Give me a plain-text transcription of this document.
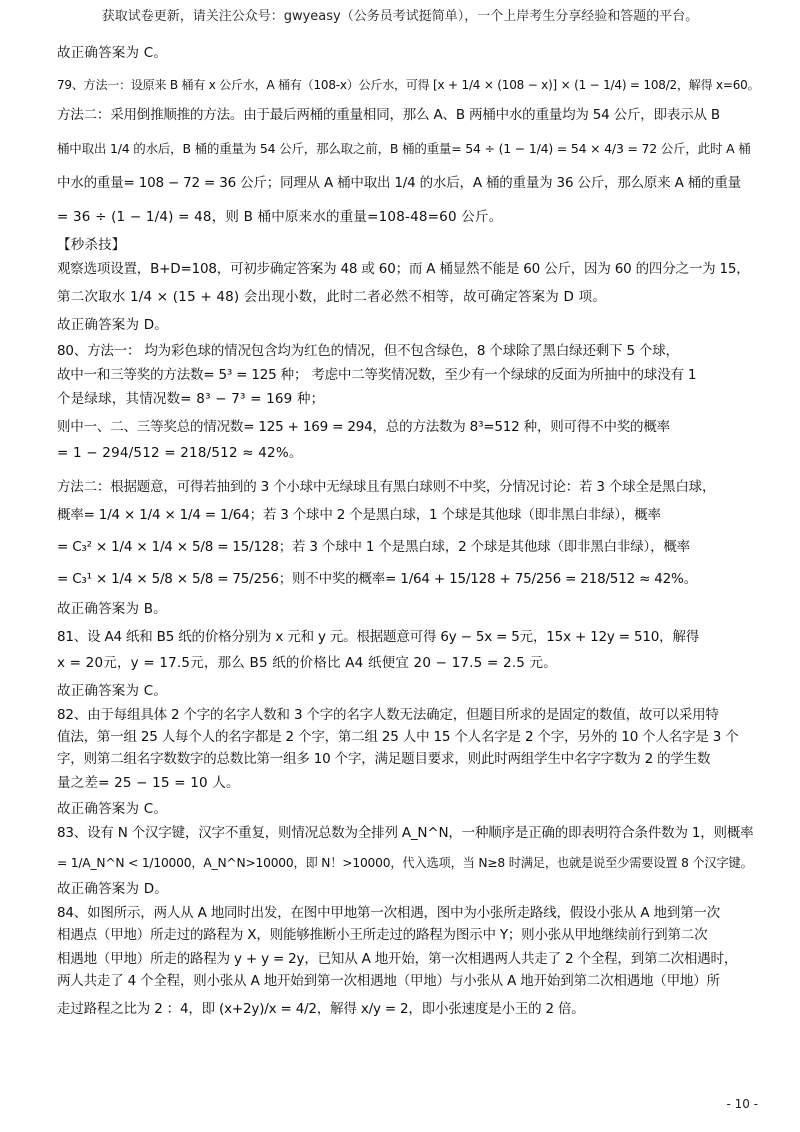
获取试卷更新，请关注公众号：gwyeasy（公务员考试挺简单），一个上岸考生分享经验和答题的平台。
故正确答案为 C。
79、方法一：设原来 B 桶有 x 公斤水，A 桶有（108-x）公斤水，可得 [x + 1/4 × (108 − x)] × (1 − 1/4) = 108/2，解得 x=60。
方法二：采用倒推顺推的方法。由于最后两桶的重量相同，那么 A、B 两桶中水的重量均为 54 公斤，即表示从 B
桶中取出 1/4 的水后，B 桶的重量为 54 公斤，那么取之前，B 桶的重量= 54 ÷ (1 − 1/4) = 54 × 4/3 = 72 公斤，此时 A 桶
中水的重量= 108 − 72 = 36 公斤；同理从 A 桶中取出 1/4 的水后，A 桶的重量为 36 公斤，那么原来 A 桶的重量
= 36 ÷ (1 − 1/4) = 48，则 B 桶中原来水的重量=108-48=60 公斤。
【秒杀技】
观察选项设置，B+D=108，可初步确定答案为 48 或 60；而 A 桶显然不能是 60 公斤，因为 60 的四分之一为 15，
第二次取水 1/4 × (15 + 48) 会出现小数，此时二者必然不相等，故可确定答案为 D 项。
故正确答案为 D。
80、方法一： 均为彩色球的情况包含均为红色的情况，但不包含绿色，8 个球除了黑白绿还剩下 5 个球，
故中一和三等奖的方法数= 5³ = 125 种； 考虑中二等奖情况数，至少有一个绿球的反面为所抽中的球没有 1
个是绿球，其情况数= 8³ − 7³ = 169 种；
则中一、二、三等奖总的情况数= 125 + 169 = 294，总的方法数为 8³=512 种，则可得不中奖的概率
= 1 − 294/512 = 218/512 ≈ 42%。
方法二：根据题意，可得若抽到的 3 个小球中无绿球且有黑白球则不中奖，分情况讨论：若 3 个球全是黑白球，
概率= 1/4 × 1/4 × 1/4 = 1/64；若 3 个球中 2 个是黑白球，1 个球是其他球（即非黑白非绿），概率
= C₃² × 1/4 × 1/4 × 5/8 = 15/128；若 3 个球中 1 个是黑白球，2 个球是其他球（即非黑白非绿），概率
= C₃¹ × 1/4 × 5/8 × 5/8 = 75/256；则不中奖的概率= 1/64 + 15/128 + 75/256 = 218/512 ≈ 42%。
故正确答案为 B。
81、设 A4 纸和 B5 纸的价格分别为 x 元和 y 元。根据题意可得 6y − 5x = 5元，15x + 12y = 510，解得
x = 20元，y = 17.5元，那么 B5 纸的价格比 A4 纸便宜 20 − 17.5 = 2.5 元。
故正确答案为 C。
82、由于每组具体 2 个字的名字人数和 3 个字的名字人数无法确定，但题目所求的是固定的数值，故可以采用特
值法，第一组 25 人每个人的名字都是 2 个字，第二组 25 人中 15 个人名字是 2 个字，另外的 10 个人名字是 3 个
字，则第二组名字数数字的总数比第一组多 10 个字，满足题目要求，则此时两组学生中名字字数为 2 的学生数
量之差= 25 − 15 = 10 人。
故正确答案为 C。
83、设有 N 个汉字键，汉字不重复，则情况总数为全排列 A_N^N，一种顺序是正确的即表明符合条件数为 1，则概率
= 1/A_N^N < 1/10000，A_N^N>10000，即 N！>10000，代入选项，当 N≥8 时满足，也就是说至少需要设置 8 个汉字键。
故正确答案为 D。
84、如图所示，两人从 A 地同时出发，在图中甲地第一次相遇，图中为小张所走路线，假设小张从 A 地到第一次
相遇点（甲地）所走过的路程为 X，则能够推断小王所走过的路程为图示中 Y；则小张从甲地继续前行到第二次
相遇地（甲地）所走的路程为 y + y = 2y，已知从 A 地开始，第一次相遇两人共走了 2 个全程，到第二次相遇时，
两人共走了 4 个全程，则小张从 A 地开始到第一次相遇地（甲地）与小张从 A 地开始到第二次相遇地（甲地）所
走过路程之比为 2 ：4，即 (x+2y)/x = 4/2，解得 x/y = 2，即小张速度是小王的 2 倍。
- 10 -
